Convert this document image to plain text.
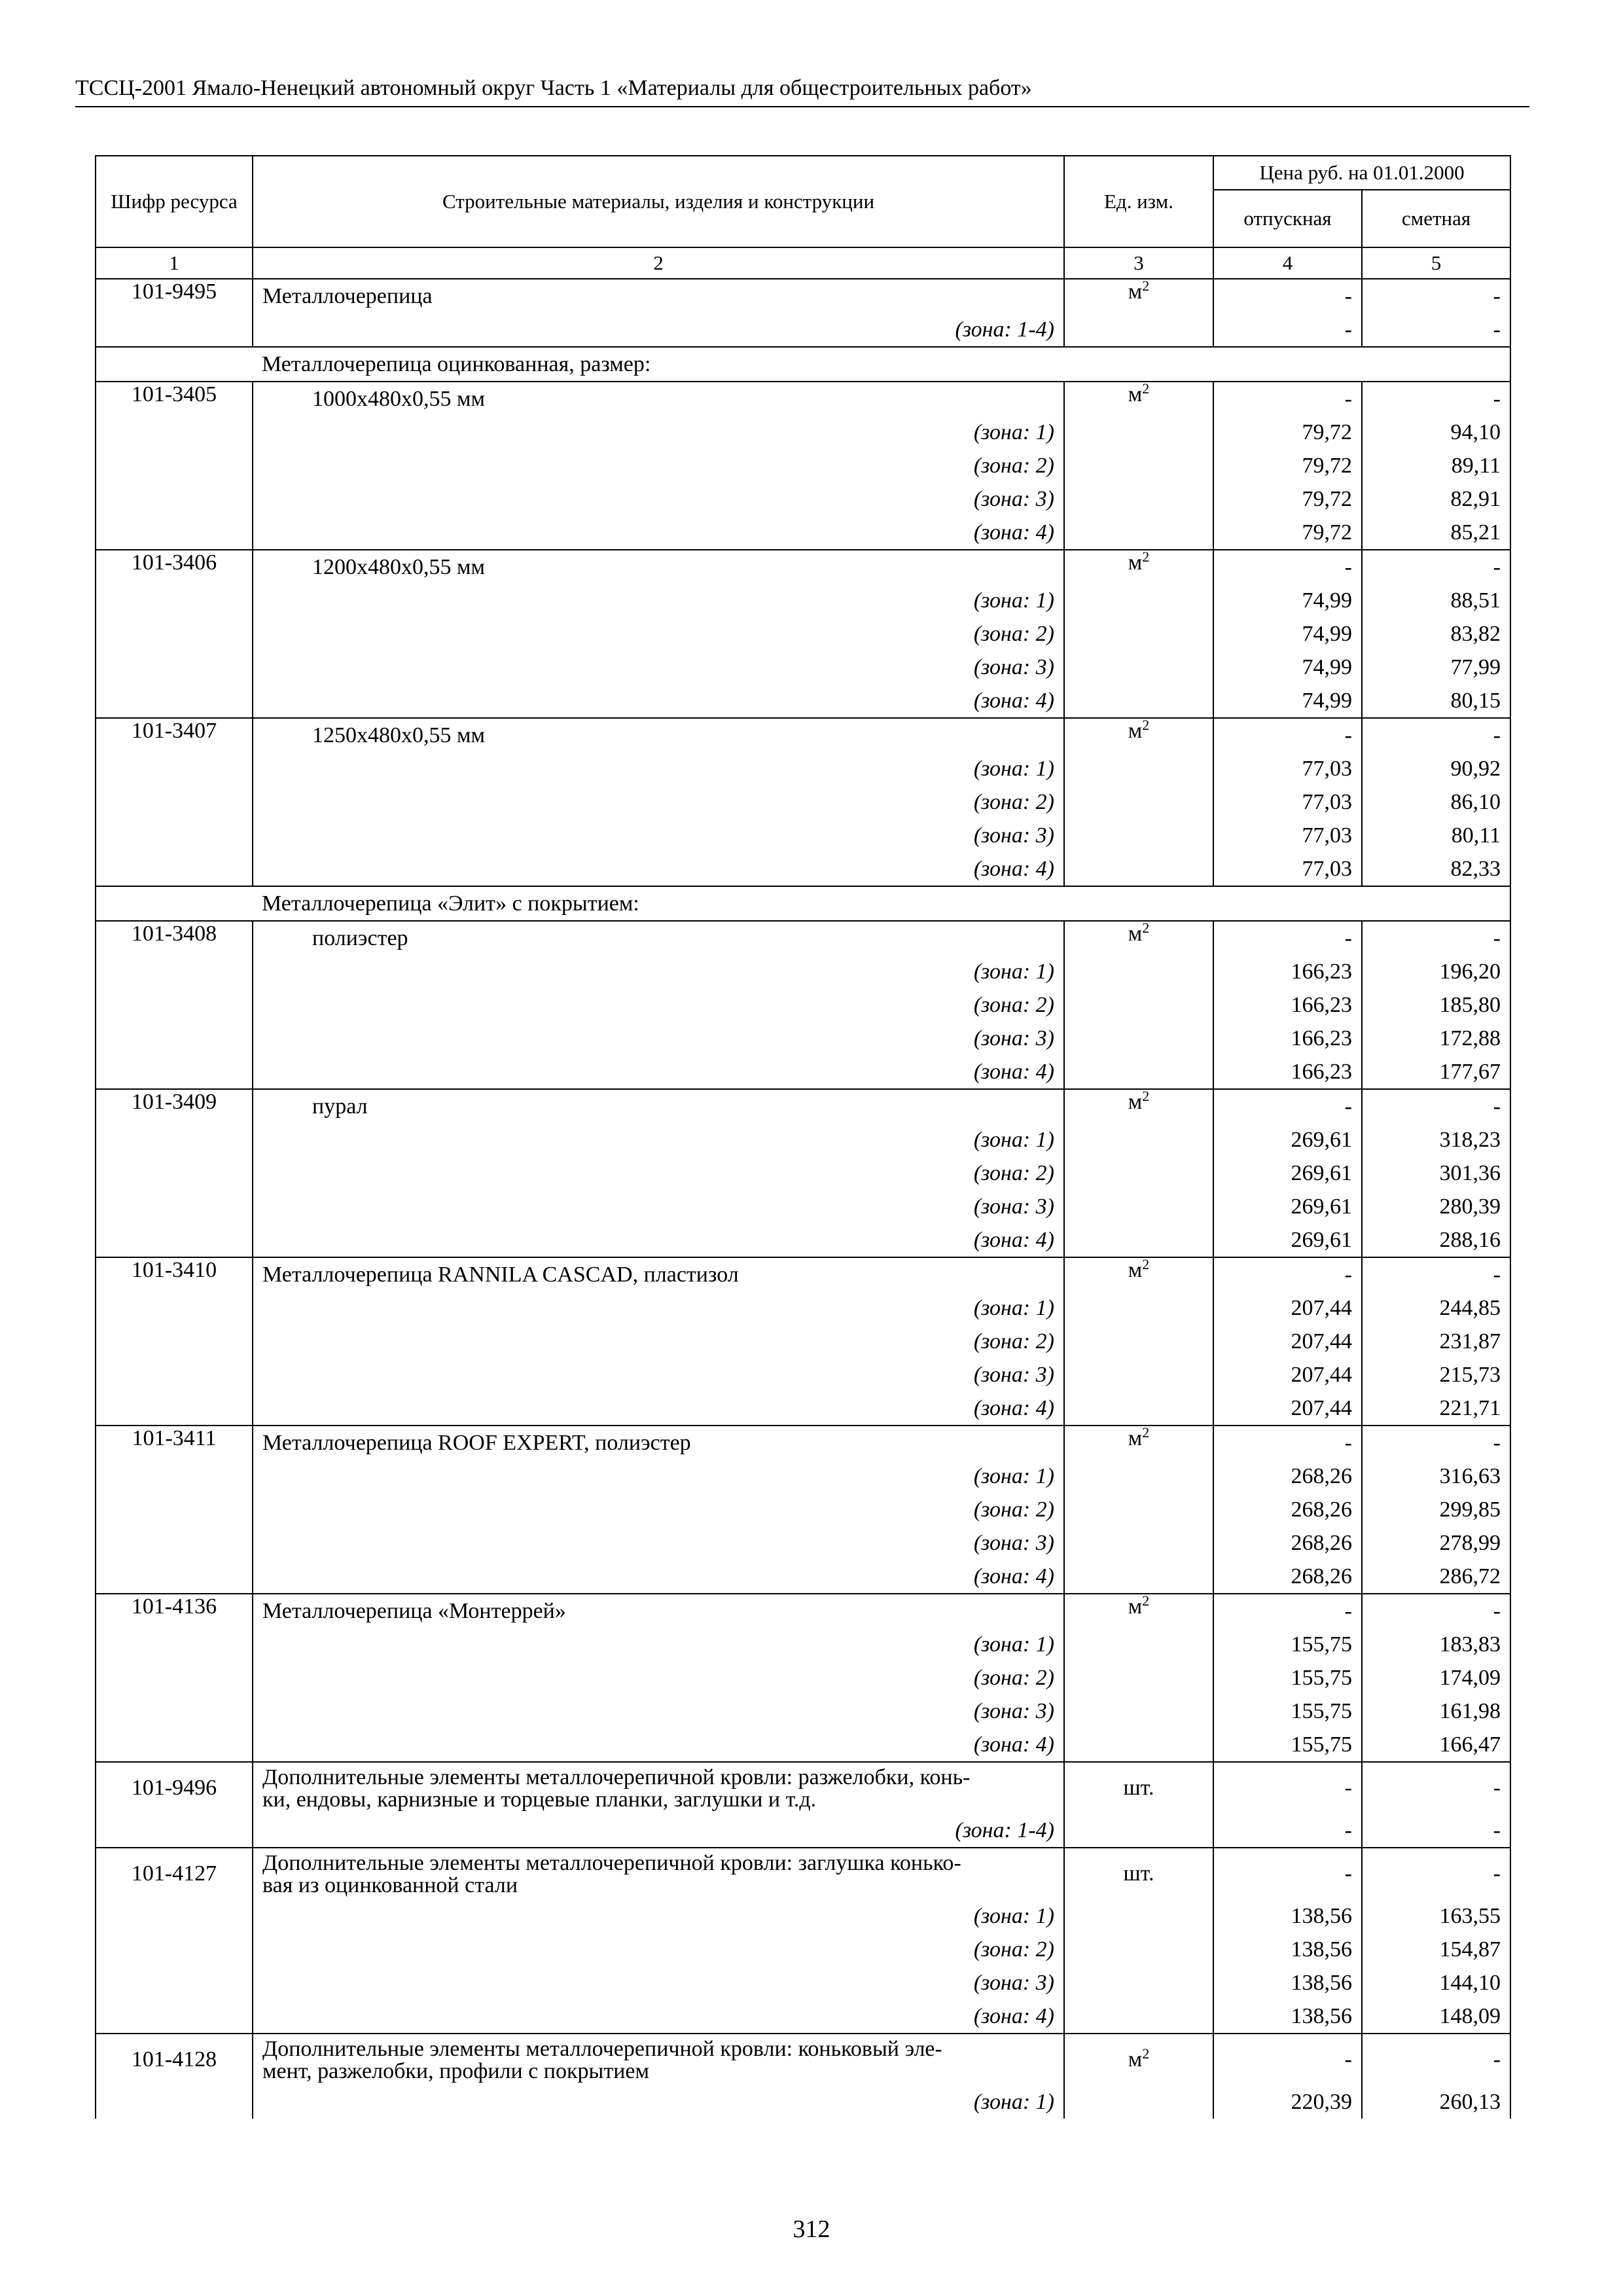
ТССЦ-2001 Ямало-Ненецкий автономный округ Часть 1 «Материалы для общестроительных работ»
Шифр ресурса	Строительные материалы, изделия и конструкции	Ед. изм.	Цена руб. на 01.01.2000	
			отпускная	сметная
1	2	3	4	5
101-9495	Металлочерепица	$м^2$	-	-
	(зона: 1-4)		-	-
	Металлочерепица оцинкованная, размер:			
101-3405	1000х480х0,55 мм	$м^2$	-	-
	(зона: 1)		79,72	94,10
	(зона: 2)		79,72	89,11
	(зона: 3)		79,72	82,91
	(зона: 4)		79,72	85,21
101-3406	1200х480х0,55 мм	$м^2$	-	-
	(зона: 1)		74,99	88,51
	(зона: 2)		74,99	83,82
	(зона: 3)		74,99	77,99
	(зона: 4)		74,99	80,15
101-3407	1250х480х0,55 мм	$м^2$	-	-
	(зона: 1)		77,03	90,92
	(зона: 2)		77,03	86,10
	(зона: 3)		77,03	80,11
	(зона: 4)		77,03	82,33
	Металлочерепица «Элит» с покрытием:			
101-3408	полиэстер	$м^2$	-	-
	(зона: 1)		166,23	196,20
	(зона: 2)		166,23	185,80
	(зона: 3)		166,23	172,88
	(зона: 4)		166,23	177,67
101-3409	пурал	$м^2$	-	-
	(зона: 1)		269,61	318,23
	(зона: 2)		269,61	301,36
	(зона: 3)		269,61	280,39
	(зона: 4)		269,61	288,16
101-3410	Металлочерепица RANNILA CASCAD, пластизол	$м^2$	-	-
	(зона: 1)		207,44	244,85
	(зона: 2)		207,44	231,87
	(зона: 3)		207,44	215,73
	(зона: 4)		207,44	221,71
101-3411	Металлочерепица ROOF EXPERT, полиэстер	$м^2$	-	-
	(зона: 1)		268,26	316,63
	(зона: 2)		268,26	299,85
	(зона: 3)		268,26	278,99
	(зона: 4)		268,26	286,72
101-4136	Металлочерепица «Монтеррей»	$м^2$	-	-
	(зона: 1)		155,75	183,83
	(зона: 2)		155,75	174,09
	(зона: 3)		155,75	161,98
	(зона: 4)		155,75	166,47
101-9496	Дополнительные элементы металлочерепичной кровли: разжелобки, конь-
ки, ендовы, карнизные и торцевые планки, заглушки и т.д.	шт.	-	-
	(зона: 1-4)		-	-
101-4127	Дополнительные элементы металлочерепичной кровли: заглушка конько-
вая из оцинкованной стали	шт.	-	-
	(зона: 1)		138,56	163,55
	(зона: 2)		138,56	154,87
	(зона: 3)		138,56	144,10
	(зона: 4)		138,56	148,09
101-4128	Дополнительные элементы металлочерепичной кровли: коньковый эле-
мент, разжелобки, профили с покрытием	$м^2$	-	-
	(зона: 1)		220,39	260,13
312
